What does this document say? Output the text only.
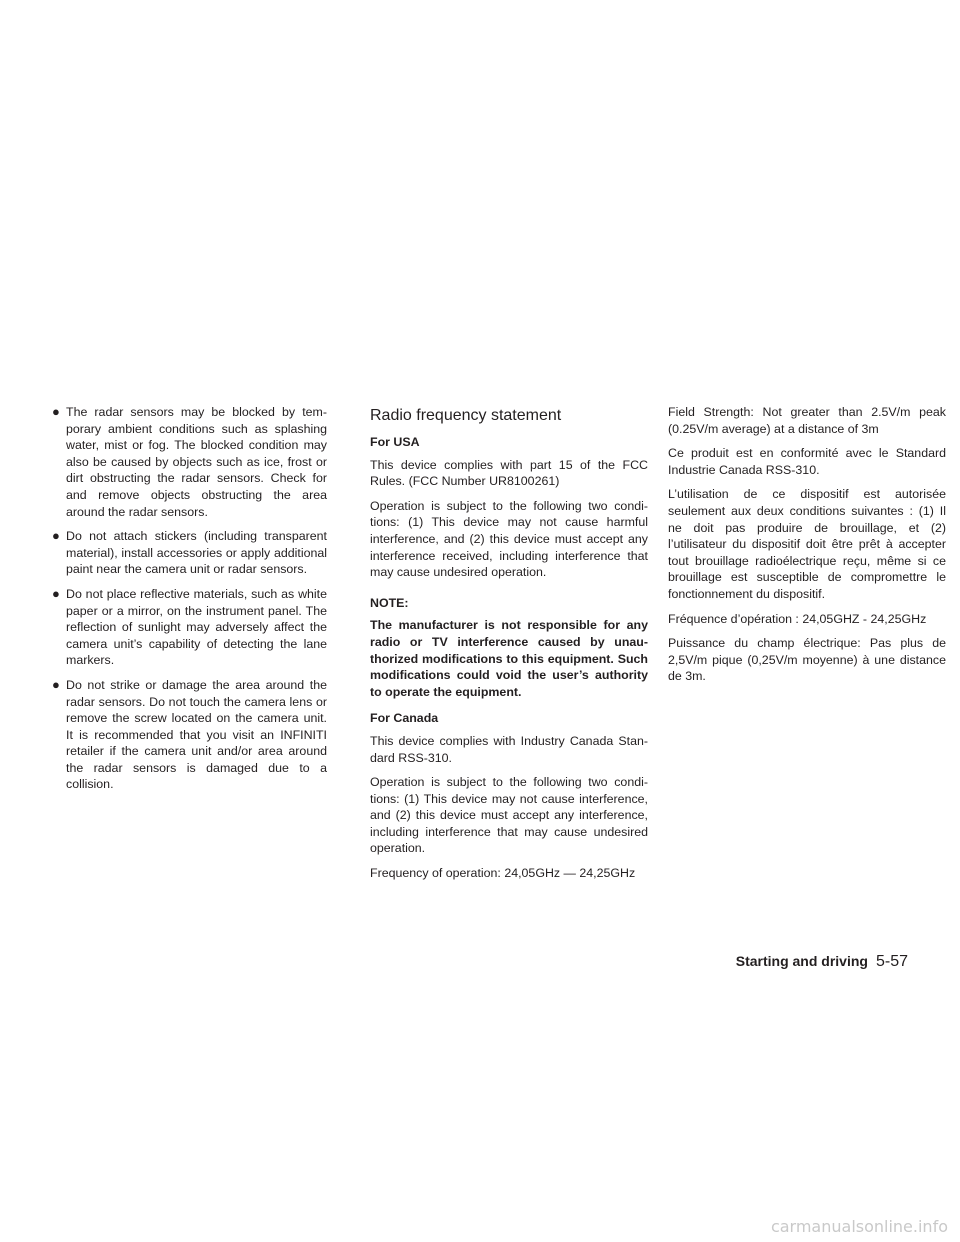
● The radar sensors may be blocked by temporary ambient conditions such as splashing water, mist or fog. The blocked condition may also be caused by objects such as ice, frost or dirt obstructing the radar sensors. Check for and remove objects obstructing the area around the radar sensors.
● Do not attach stickers (including transparent material), install accessories or apply additional paint near the camera unit or radar sensors.
● Do not place reflective materials, such as white paper or a mirror, on the instrument panel. The reflection of sunlight may adversely affect the camera unit’s capability of detecting the lane markers.
● Do not strike or damage the area around the radar sensors. Do not touch the camera lens or remove the screw located on the camera unit. It is recommended that you visit an INFINITI retailer if the camera unit and/or area around the radar sensors is damaged due to a collision.
Radio frequency statement
For USA

This device complies with part 15 of the FCC Rules. (FCC Number UR8100261)

Operation is subject to the following two conditions: (1) This device may not cause harmful interference, and (2) this device must accept any interference received, including interference that may cause undesired operation.

NOTE:

The manufacturer is not responsible for any radio or TV interference caused by unauthorized modifications to this equipment. Such modifications could void the user’s authority to operate the equipment.

For Canada

This device complies with Industry Canada Standard RSS-310.

Operation is subject to the following two conditions: (1) This device may not cause interference, and (2) this device must accept any interference, including interference that may cause undesired operation.

Frequency of operation: 24,05GHz — 24,25GHz

Field Strength: Not greater than 2.5V/m peak (0.25V/m average) at a distance of 3m

Ce produit est en conformité avec le Standard Industrie Canada RSS-310.

L’utilisation de ce dispositif est autorisée seulement aux deux conditions suivantes : (1) Il ne doit pas produire de brouillage, et (2) l’utilisateur du dispositif doit être prêt à accepter tout brouillage radioélectrique reçu, même si ce brouillage est susceptible de compromettre le fonctionnement du dispositif.

Fréquence d’opération : 24,05GHZ - 24,25GHz

Puissance du champ électrique: Pas plus de 2,5V/m pique (0,25V/m moyenne) à une distance de 3m.

Starting and driving 5-57
carmanualsonline.info
